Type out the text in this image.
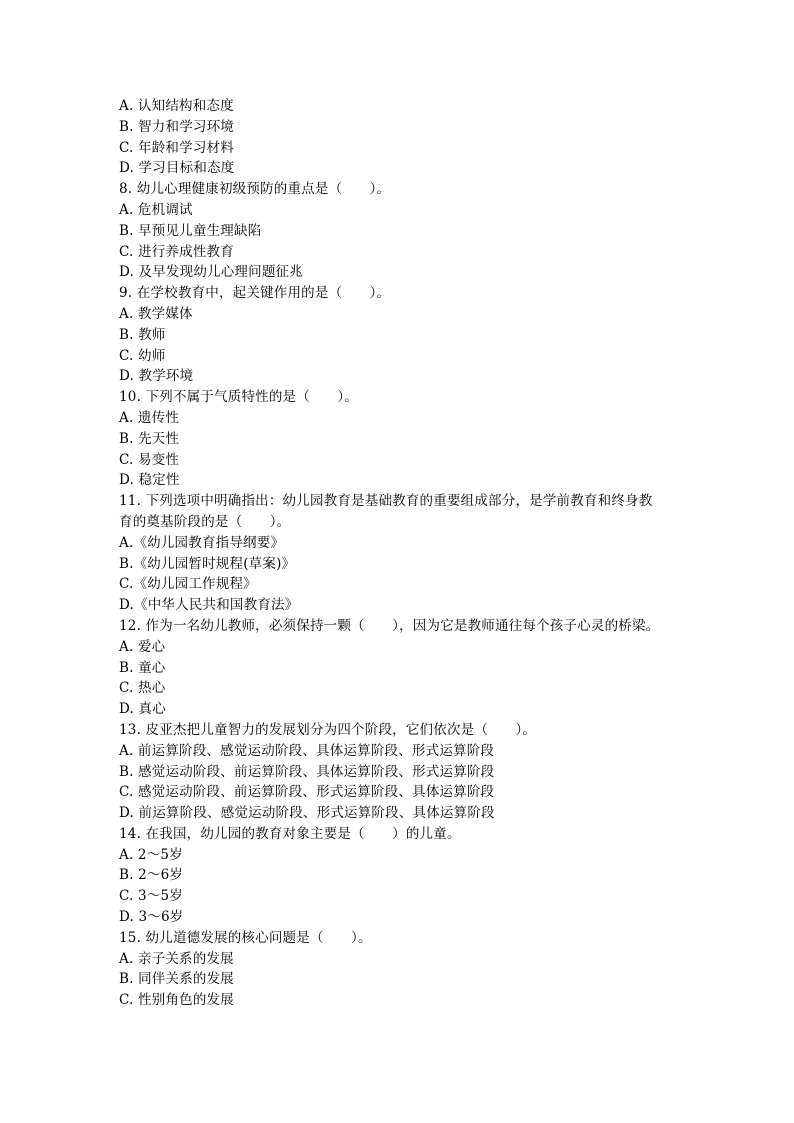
A. 认知结构和态度
B. 智力和学习环境
C. 年龄和学习材料
D. 学习目标和态度
8. 幼儿心理健康初级预防的重点是（　　）。
A. 危机调试
B. 早预见儿童生理缺陷
C. 进行养成性教育
D. 及早发现幼儿心理问题征兆
9. 在学校教育中，起关键作用的是（　　）。
A. 教学媒体
B. 教师
C. 幼师
D. 教学环境
10. 下列不属于气质特性的是（　　）。
A. 遗传性
B. 先天性
C. 易变性
D. 稳定性
11. 下列选项中明确指出：幼儿园教育是基础教育的重要组成部分，是学前教育和终身教
育的奠基阶段的是（　　）。
A.《幼儿园教育指导纲要》
B.《幼儿园暂时规程(草案)》
C.《幼儿园工作规程》
D.《中华人民共和国教育法》
12. 作为一名幼儿教师，必须保持一颗（　　），因为它是教师通往每个孩子心灵的桥梁。
A. 爱心
B. 童心
C. 热心
D. 真心
13. 皮亚杰把儿童智力的发展划分为四个阶段，它们依次是（　　）。
A. 前运算阶段、感觉运动阶段、具体运算阶段、形式运算阶段
B. 感觉运动阶段、前运算阶段、具体运算阶段、形式运算阶段
C. 感觉运动阶段、前运算阶段、形式运算阶段、具体运算阶段
D. 前运算阶段、感觉运动阶段、形式运算阶段、具体运算阶段
14. 在我国，幼儿园的教育对象主要是（　　）的儿童。
A. 2～5岁
B. 2～6岁
C. 3～5岁
D. 3～6岁
15. 幼儿道德发展的核心问题是（　　）。
A. 亲子关系的发展
B. 同伴关系的发展
C. 性别角色的发展
